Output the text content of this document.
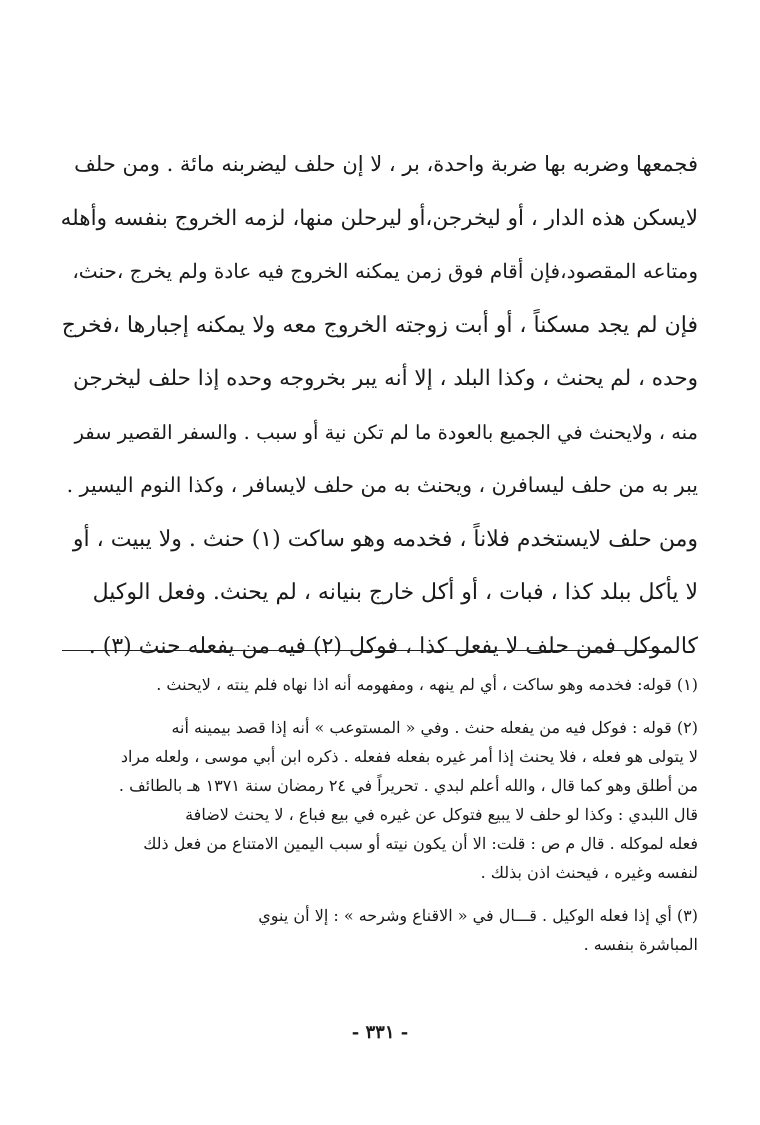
فجمعها وضربه بها ضربة واحدة، بر ، لا إن حلف ليضربنه مائة . ومن حلف
لايسكن هذه الدار ، أو ليخرجن،أو ليرحلن منها، لزمه الخروج بنفسه وأهله
ومتاعه المقصود،فإن أقام فوق زمن يمكنه الخروج فيه عادة ولم يخرج ،حنث،
فإن لم يجد مسكناً ، أو أبت زوجته الخروج معه ولا يمكنه إجبارها ،فخرج
وحده ، لم يحنث ، وكذا البلد ، إلا أنه يبر بخروجه وحده إذا حلف ليخرجن
منه ، ولايحنث في الجميع بالعودة ما لم تكن نية أو سبب . والسفر القصير سفر
يبر به من حلف ليسافرن ، ويحنث به من حلف لايسافر ، وكذا النوم اليسير .
ومن حلف لايستخدم فلاناً ، فخدمه وهو ساكت (١) حنث . ولا يبيت ، أو
لا يأكل ببلد كذا ، فبات ، أو أكل خارج بنيانه ، لم يحنث. وفعل الوكيل
كالموكل فمن حلف لا يفعل كذا ، فوكل (٢) فيه من يفعله حنث (٣) .
(١) قوله: فخدمه وهو ساكت ، أي لم ينهه ، ومفهومه أنه اذا نهاه فلم ينته ، لايحنث .
(٢) قوله : فوكل فيه من يفعله حنث . وفي « المستوعب » أنه إذا قصد بيمينه أنه
لا يتولى هو فعله ، فلا يحنث إذا أمر غيره بفعله ففعله . ذكره ابن أبي موسى ، ولعله مراد
من أطلق وهو كما قال ، والله أعلم لبدي . تحريراً في ٢٤ رمضان سنة ١٣٧١ هـ بالطائف .
قال اللبدي : وكذا لو حلف لا يبيع فتوكل عن غيره في بيع فباع ، لا يحنث لاضافة
فعله لموكله . قال م ص : قلت: الا أن يكون نيته أو سبب اليمين الامتناع من فعل ذلك
لنفسه وغيره ، فيحنث اذن بذلك .
(٣) أي إذا فعله الوكيل . قـــال في « الاقناع وشرحه » : إلا أن ينوي
المباشرة بنفسه .
- ٣٣١ -
